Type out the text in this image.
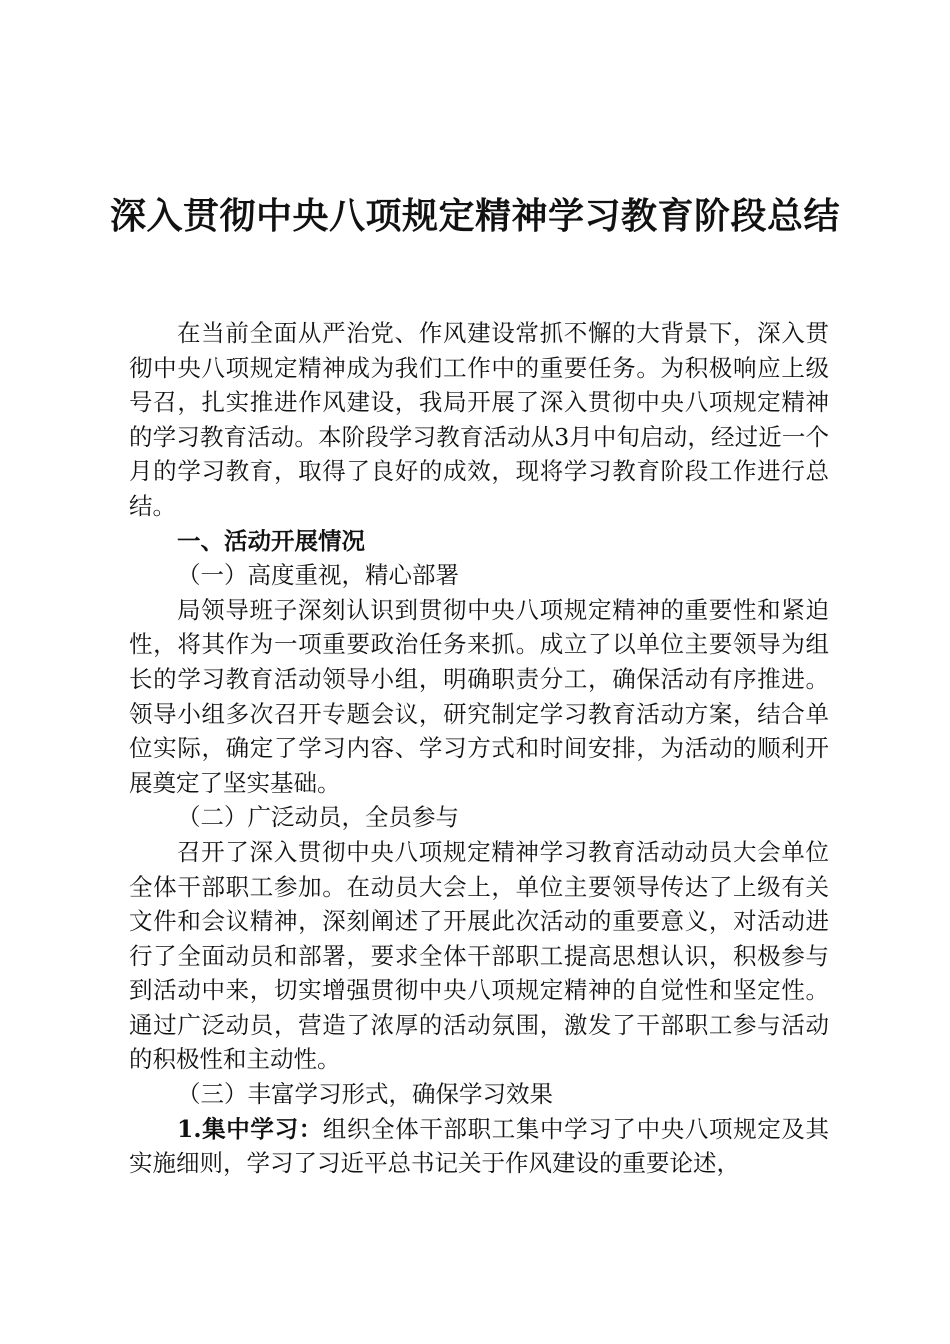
深入贯彻中央八项规定精神学习教育阶段总结

在当前全面从严治党、作风建设常抓不懈的大背景下，深入贯彻中央八项规定精神成为我们工作中的重要任务。为积极响应上级号召，扎实推进作风建设，我局开展了深入贯彻中央八项规定精神的学习教育活动。本阶段学习教育活动从3月中旬启动，经过近一个月的学习教育，取得了良好的成效，现将学习教育阶段工作进行总结。

一、活动开展情况

（一）高度重视，精心部署

局领导班子深刻认识到贯彻中央八项规定精神的重要性和紧迫性，将其作为一项重要政治任务来抓。成立了以单位主要领导为组长的学习教育活动领导小组，明确职责分工，确保活动有序推进。领导小组多次召开专题会议，研究制定学习教育活动方案，结合单位实际，确定了学习内容、学习方式和时间安排，为活动的顺利开展奠定了坚实基础。

（二）广泛动员，全员参与

召开了深入贯彻中央八项规定精神学习教育活动动员大会单位全体干部职工参加。在动员大会上，单位主要领导传达了上级有关文件和会议精神，深刻阐述了开展此次活动的重要意义，对活动进行了全面动员和部署，要求全体干部职工提高思想认识，积极参与到活动中来，切实增强贯彻中央八项规定精神的自觉性和坚定性。通过广泛动员，营造了浓厚的活动氛围，激发了干部职工参与活动的积极性和主动性。

（三）丰富学习形式，确保学习效果

1.集中学习：组织全体干部职工集中学习了中央八项规定及其实施细则，学习了习近平总书记关于作风建设的重要论述，
